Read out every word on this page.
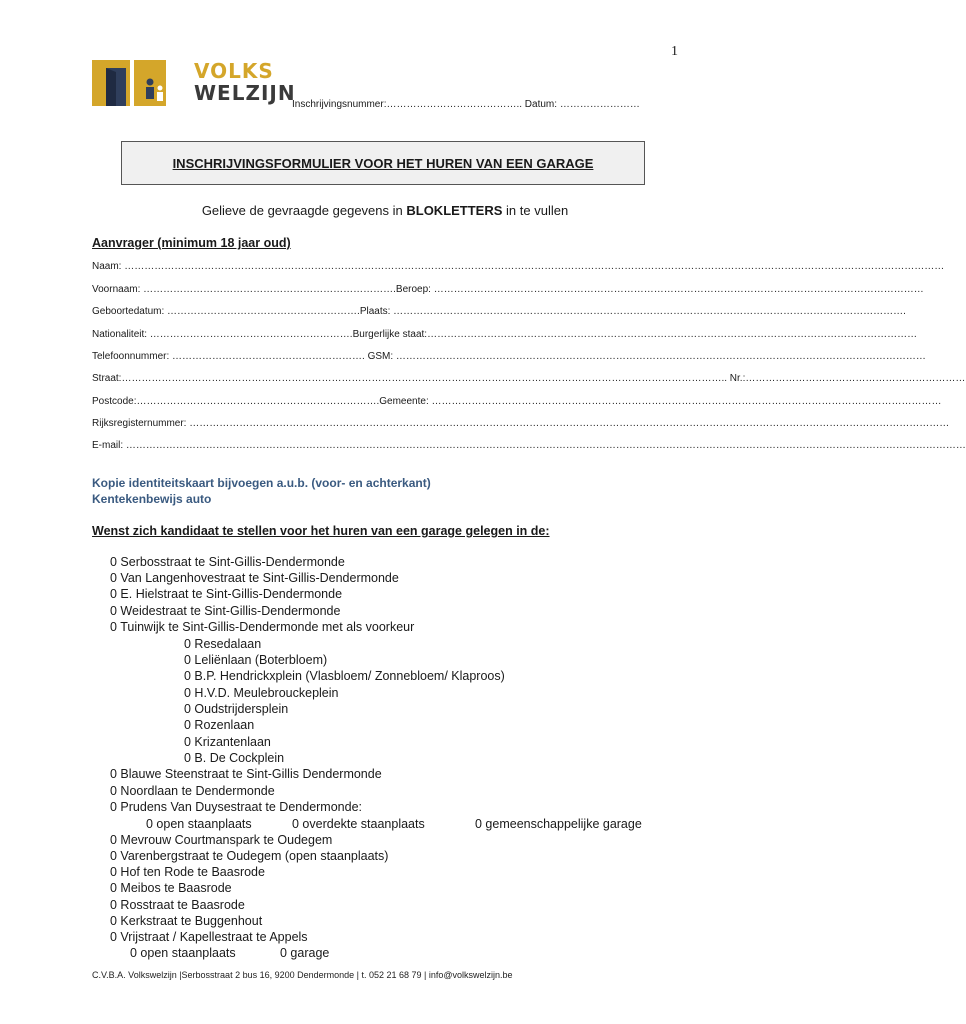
1
VOLKS
WELZIJN
Inschrijvingsnummer:………………………………….. Datum: ……………………
INSCHRIJVINGSFORMULIER VOOR HET HUREN VAN EEN GARAGE
Gelieve de gevraagde gegevens in BLOKLETTERS in te vullen
Aanvrager (minimum 18 jaar oud)
Naam: …………………………………………………………………………………………………………………………………………………………………………………………………………………………
Voornaam: ………………………………………………………………….Beroep: …………………………………………………………………………………………………………………………………
Geboortedatum: ………………………………………………….Plaats: ……………………………………………………………………………………………………………………………………….
Nationaliteit: …………………………………………………….Burgerlijke staat:…………………………………………………………………………………………………………………………………
Telefoonnummer: …………………………………………………. GSM: ……………………………………………………………………………………………………………………………………………
Straat:……………………………………………………………………………………………………………………………………………………………….. Nr.:…………………………………………………………
Postcode:……………………………………………………………….Gemeente: ………………………………………………………………………………………………………………………………………
Rijksregisternummer: …………………………………………………………………………………………………………………………………………………………………………………………………………
E-mail: ………………………………………………………………………………………………………………………………………………………………………………………………………………………………
Kopie identiteitskaart bijvoegen a.u.b. (voor- en achterkant)
Kentekenbewijs auto
Wenst zich kandidaat te stellen voor het huren van een garage gelegen in de:
0 Serbosstraat te Sint-Gillis-Dendermonde
0 Van Langenhovestraat te Sint-Gillis-Dendermonde
0 E. Hielstraat te Sint-Gillis-Dendermonde
0 Weidestraat te Sint-Gillis-Dendermonde
0 Tuinwijk te Sint-Gillis-Dendermonde met als voorkeur
0 Resedalaan
0 Leliënlaan (Boterbloem)
0 B.P. Hendrickxplein (Vlasbloem/ Zonnebloem/ Klaproos)
0 H.V.D. Meulebrouckeplein
0 Oudstrijdersplein
0 Rozenlaan
0 Krizantenlaan
0 B. De Cockplein
0 Blauwe Steenstraat te Sint-Gillis Dendermonde
0 Noordlaan te Dendermonde
0 Prudens Van Duysestraat te Dendermonde:
0 open staanplaats	0 overdekte staanplaats	0 gemeenschappelijke garage
0 Mevrouw Courtmanspark te Oudegem
0 Varenbergstraat te Oudegem (open staanplaats)
0 Hof ten Rode te Baasrode
0 Meibos te Baasrode
0 Rosstraat te Baasrode
0 Kerkstraat te Buggenhout
0 Vrijstraat / Kapellestraat te Appels
0 open staanplaats	0 garage
C.V.B.A. Volkswelzijn |Serbosstraat 2 bus 16, 9200 Dendermonde | t. 052 21 68 79 | info@volkswelzijn.be
